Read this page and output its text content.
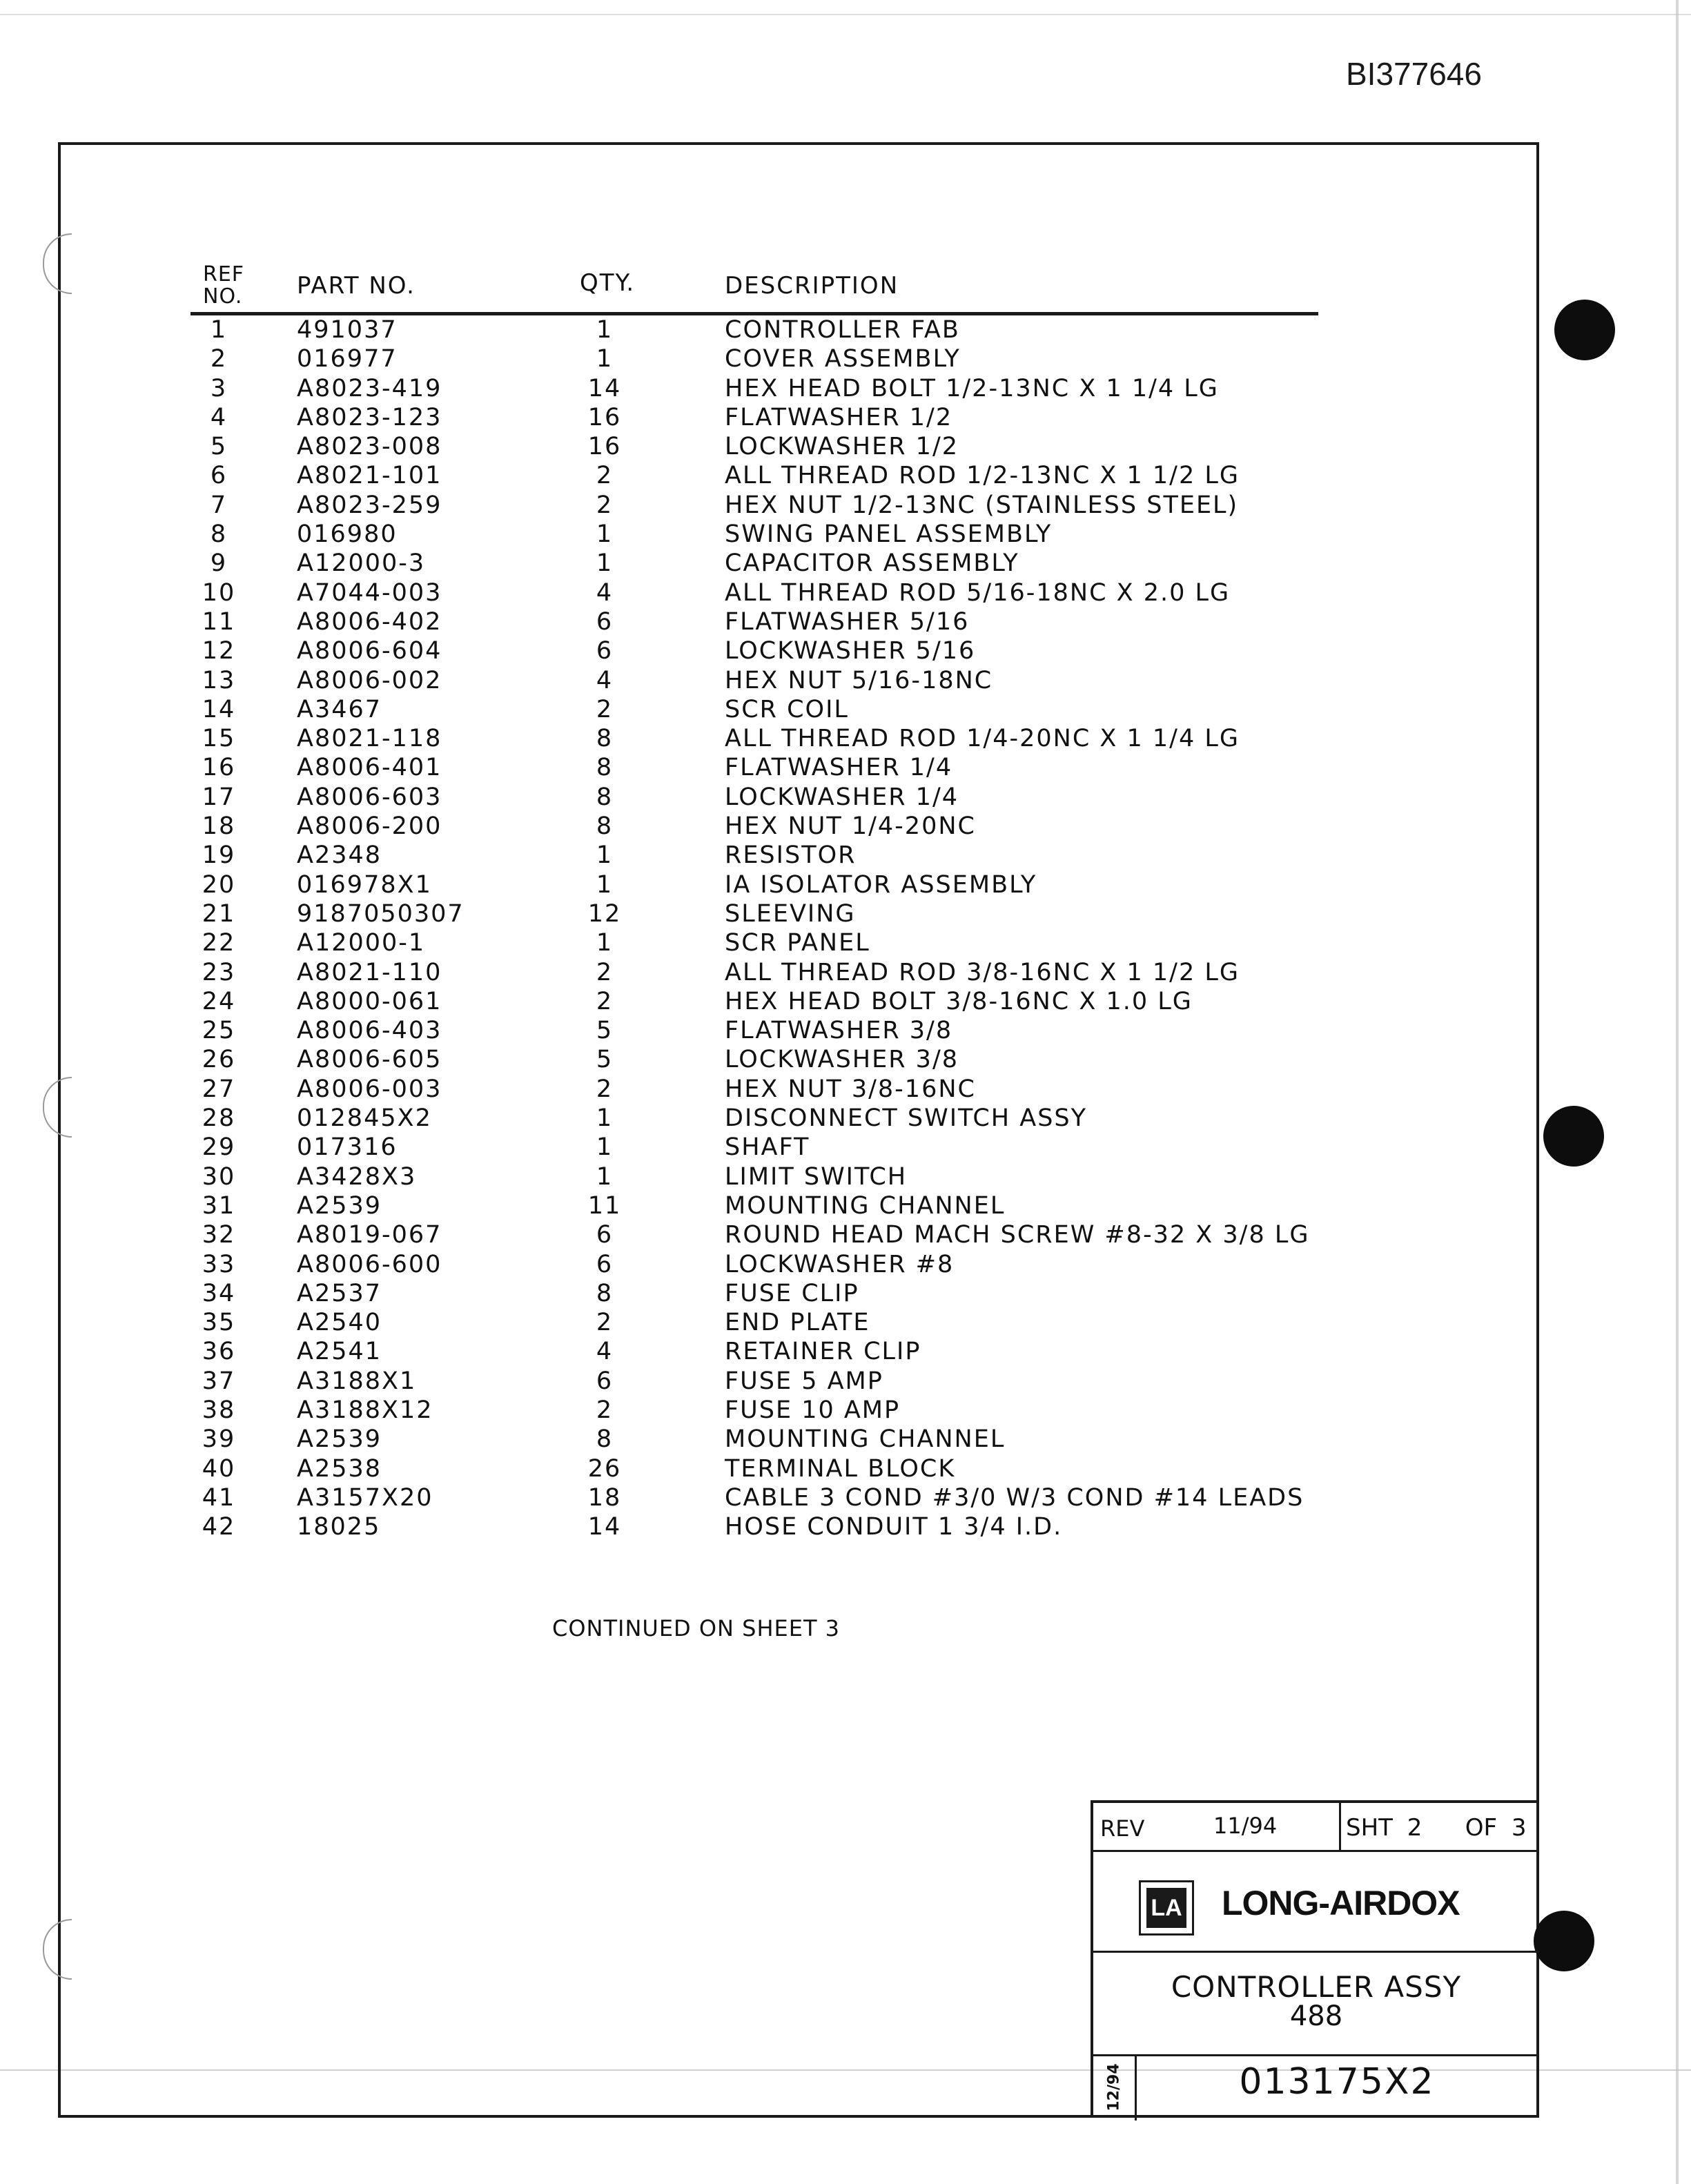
BI377646
REF
NO. PART NO.	QTY.	DESCRIPTION
1	491037	1	CONTROLLER FAB
2	016977	1	COVER ASSEMBLY
3	A8023-419	14	HEX HEAD BOLT 1/2-13NC X 1 1/4 LG
4	A8023-123	16	FLATWASHER 1/2
5	A8023-008	16	LOCKWASHER 1/2
6	A8021-101	2	ALL THREAD ROD 1/2-13NC X 1 1/2 LG
7	A8023-259	2	HEX NUT 1/2-13NC (STAINLESS STEEL)
8	016980	1	SWING PANEL ASSEMBLY
9	A12000-3	1	CAPACITOR ASSEMBLY
10	A7044-003	4	ALL THREAD ROD 5/16-18NC X 2.0 LG
11	A8006-402	6	FLATWASHER 5/16
12	A8006-604	6	LOCKWASHER 5/16
13	A8006-002	4	HEX NUT 5/16-18NC
14	A3467	2	SCR COIL
15	A8021-118	8	ALL THREAD ROD 1/4-20NC X 1 1/4 LG
16	A8006-401	8	FLATWASHER 1/4
17	A8006-603	8	LOCKWASHER 1/4
18	A8006-200	8	HEX NUT 1/4-20NC
19	A2348	1	RESISTOR
20	016978X1	1	IA ISOLATOR ASSEMBLY
21	9187050307	12	SLEEVING
22	A12000-1	1	SCR PANEL
23	A8021-110	2	ALL THREAD ROD 3/8-16NC X 1 1/2 LG
24	A8000-061	2	HEX HEAD BOLT 3/8-16NC X 1.0 LG
25	A8006-403	5	FLATWASHER 3/8
26	A8006-605	5	LOCKWASHER 3/8
27	A8006-003	2	HEX NUT 3/8-16NC
28	012845X2	1	DISCONNECT SWITCH ASSY
29	017316	1	SHAFT
30	A3428X3	1	LIMIT SWITCH
31	A2539	11	MOUNTING CHANNEL
32	A8019-067	6	ROUND HEAD MACH SCREW #8-32 X 3/8 LG
33	A8006-600	6	LOCKWASHER #8
34	A2537	8	FUSE CLIP
35	A2540	2	END PLATE
36	A2541	4	RETAINER CLIP
37	A3188X1	6	FUSE 5 AMP
38	A3188X12	2	FUSE 10 AMP
39	A2539	8	MOUNTING CHANNEL
40	A2538	26	TERMINAL BLOCK
41	A3157X20	18	CABLE 3 COND #3/0 W/3 COND #14 LEADS
42	18025	14	HOSE CONDUIT 1 3/4 I.D.
CONTINUED ON SHEET 3
REV	11/94	SHT 2   OF 3
LA LONG-AIRDOX
CONTROLLER ASSY
488
12/94	013175X2
